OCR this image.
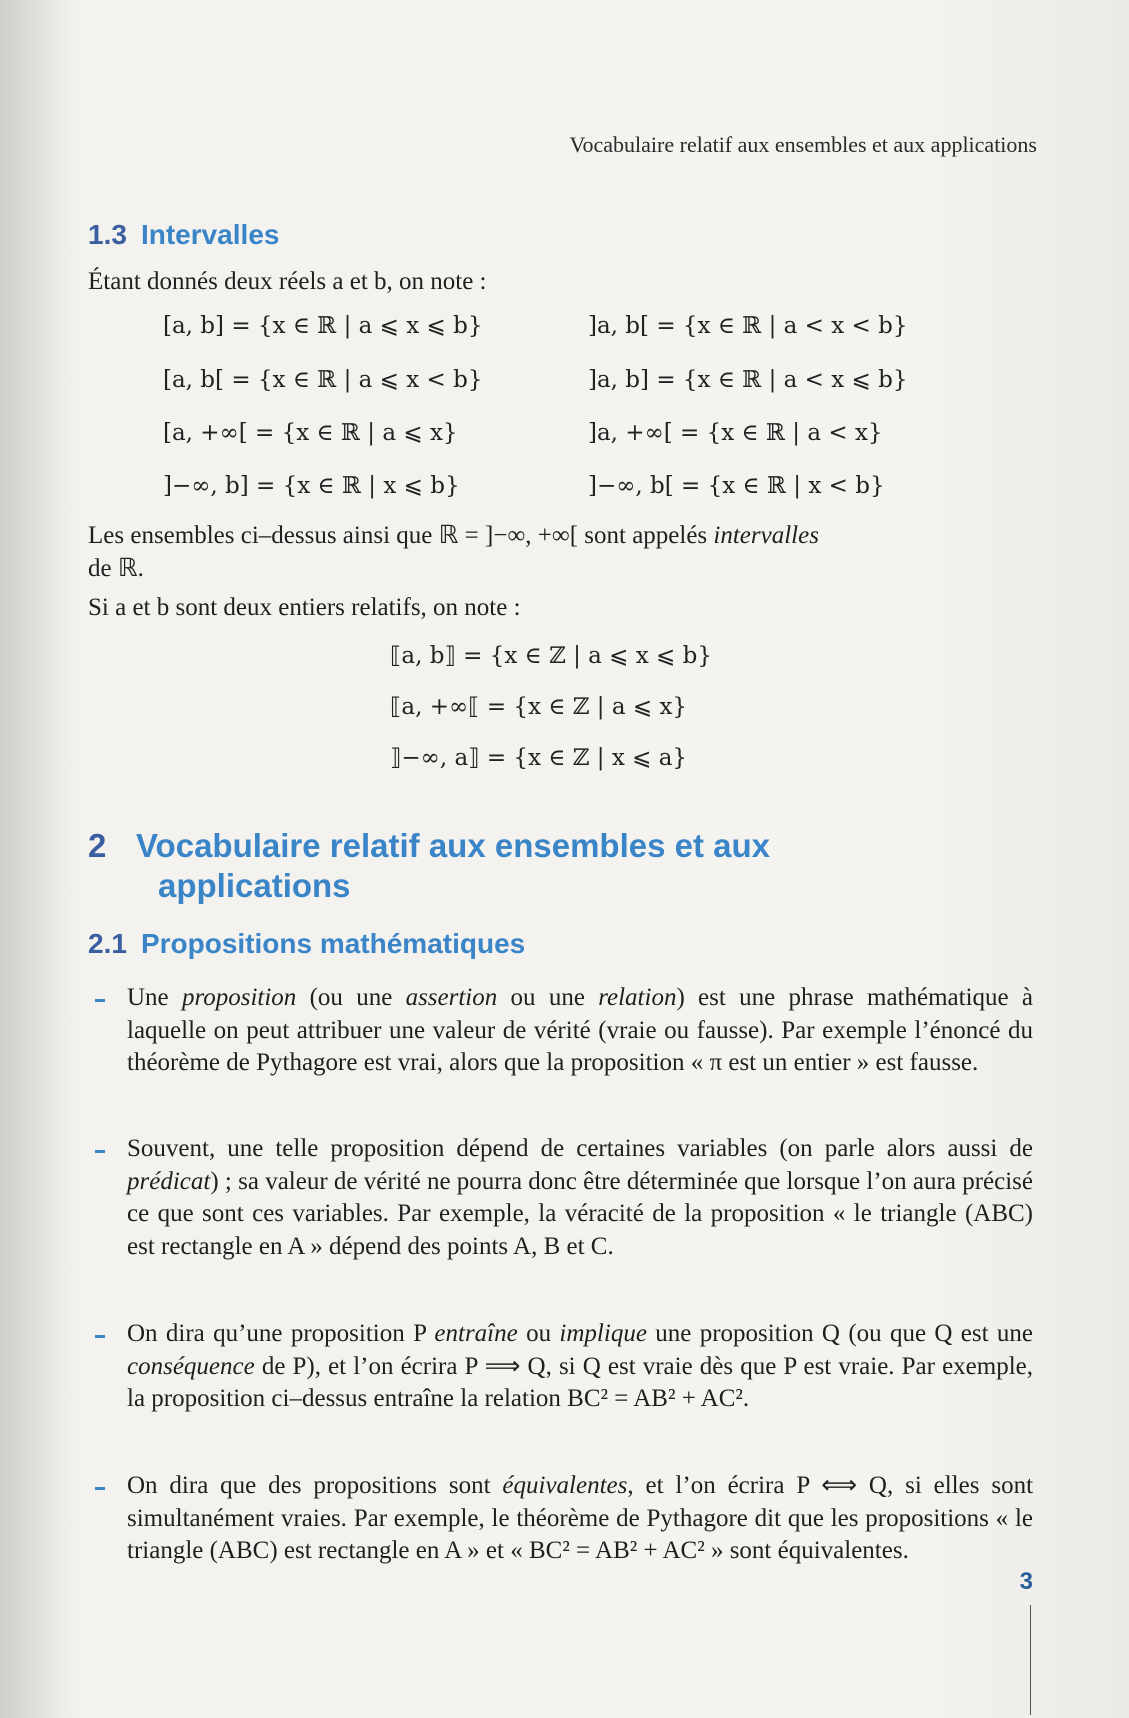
Vocabulaire relatif aux ensembles et aux applications
1.3 Intervalles
Étant donnés deux réels a et b, on note :
[a, b] = {x ∈ ℝ | a ⩽ x ⩽ b}	]a, b[ = {x ∈ ℝ | a < x < b}
[a, b[ = {x ∈ ℝ | a ⩽ x < b}	]a, b] = {x ∈ ℝ | a < x ⩽ b}
[a, +∞[ = {x ∈ ℝ | a ⩽ x}	]a, +∞[ = {x ∈ ℝ | a < x}
]−∞, b] = {x ∈ ℝ | x ⩽ b}	]−∞, b[ = {x ∈ ℝ | x < b}
Les ensembles ci–dessus ainsi que ℝ = ]−∞, +∞[ sont appelés intervalles
de ℝ.
Si a et b sont deux entiers relatifs, on note :
⟦a, b⟧ = {x ∈ ℤ | a ⩽ x ⩽ b}
⟦a, +∞⟦ = {x ∈ ℤ | a ⩽ x}
⟧−∞, a⟧ = {x ∈ ℤ | x ⩽ a}
2 Vocabulaire relatif aux ensembles et aux
applications
2.1 Propositions mathématiques

Une proposition (ou une assertion ou une relation) est une phrase mathématique à laquelle on peut attribuer une valeur de vérité (vraie ou fausse). Par exemple l’énoncé du théorème de Pythagore est vrai, alors que la proposition « π est un entier » est fausse.

Souvent, une telle proposition dépend de certaines variables (on parle alors aussi de prédicat) ; sa valeur de vérité ne pourra donc être déterminée que lorsque l’on aura précisé ce que sont ces variables. Par exemple, la véracité de la proposition « le triangle (ABC) est rectangle en A » dépend des points A, B et C.

On dira qu’une proposition P entraîne ou implique une proposition Q (ou que Q est une conséquence de P), et l’on écrira P ⟹ Q, si Q est vraie dès que P est vraie. Par exemple, la proposition ci–dessus entraîne la relation BC² = AB² + AC².

On dira que des propositions sont équivalentes, et l’on écrira P ⟺ Q, si elles sont simultanément vraies. Par exemple, le théorème de Pythagore dit que les propositions « le triangle (ABC) est rectangle en A » et « BC² = AB² + AC² » sont équivalentes.

3
